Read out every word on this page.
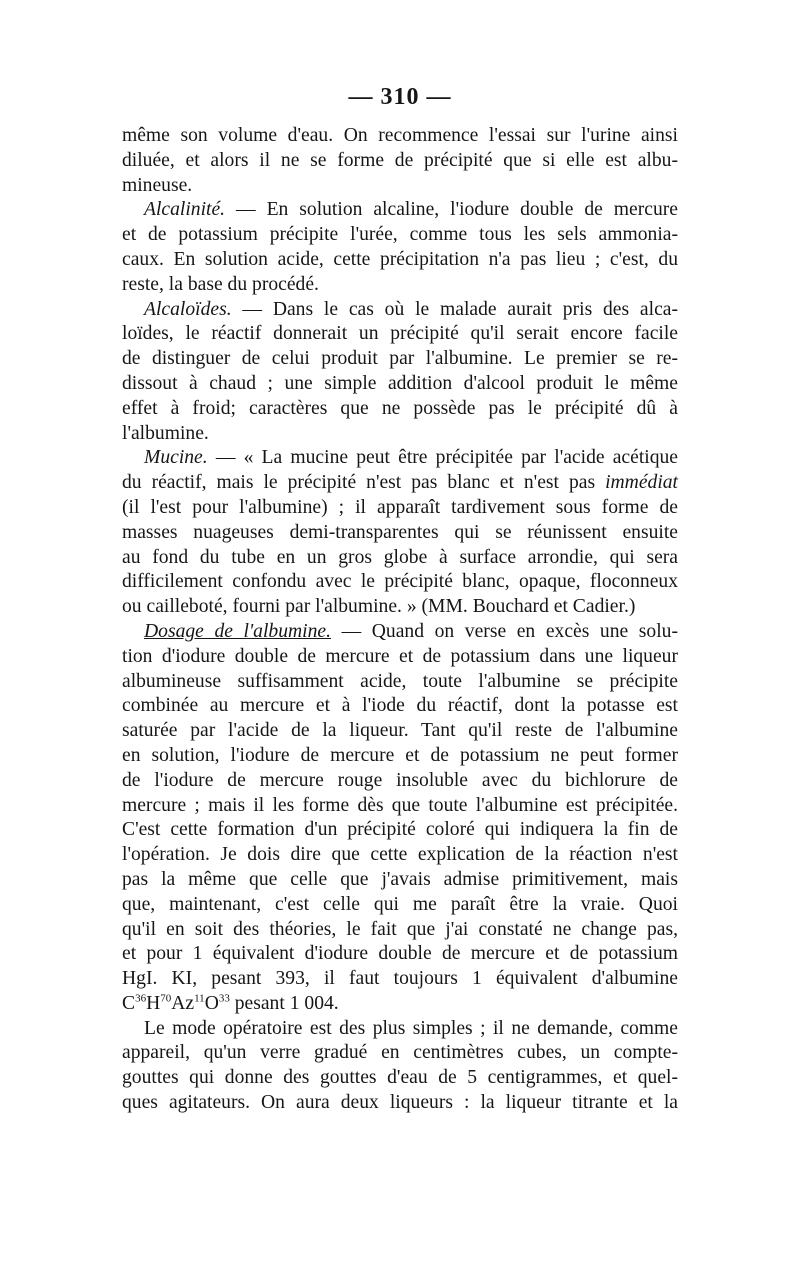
— 310 —
même son volume d'eau. On recommence l'essai sur l'urine ainsi
diluée, et alors il ne se forme de précipité que si elle est albu-
mineuse.
Alcalinité. — En solution alcaline, l'iodure double de mercure
et de potassium précipite l'urée, comme tous les sels ammonia-
caux. En solution acide, cette précipitation n'a pas lieu ; c'est, du
reste, la base du procédé.
Alcaloïdes. — Dans le cas où le malade aurait pris des alca-
loïdes, le réactif donnerait un précipité qu'il serait encore facile
de distinguer de celui produit par l'albumine. Le premier se re-
dissout à chaud ; une simple addition d'alcool produit le même
effet à froid; caractères que ne possède pas le précipité dû à
l'albumine.
Mucine. — « La mucine peut être précipitée par l'acide acétique
du réactif, mais le précipité n'est pas blanc et n'est pas immédiat
(il l'est pour l'albumine) ; il apparaît tardivement sous forme de
masses nuageuses demi-transparentes qui se réunissent ensuite
au fond du tube en un gros globe à surface arrondie, qui sera
difficilement confondu avec le précipité blanc, opaque, floconneux
ou cailleboté, fourni par l'albumine. » (MM. Bouchard et Cadier.)
Dosage de l'albumine. — Quand on verse en excès une solu-
tion d'iodure double de mercure et de potassium dans une liqueur
albumineuse suffisamment acide, toute l'albumine se précipite
combinée au mercure et à l'iode du réactif, dont la potasse est
saturée par l'acide de la liqueur. Tant qu'il reste de l'albumine
en solution, l'iodure de mercure et de potassium ne peut former
de l'iodure de mercure rouge insoluble avec du bichlorure de
mercure ; mais il les forme dès que toute l'albumine est précipitée.
C'est cette formation d'un précipité coloré qui indiquera la fin de
l'opération. Je dois dire que cette explication de la réaction n'est
pas la même que celle que j'avais admise primitivement, mais
que, maintenant, c'est celle qui me paraît être la vraie. Quoi
qu'il en soit des théories, le fait que j'ai constaté ne change pas,
et pour 1 équivalent d'iodure double de mercure et de potassium
HgI. KI, pesant 393, il faut toujours 1 équivalent d'albumine
$C^{36}H^{70}Az^{11}O^{33}$ pesant 1 004.
Le mode opératoire est des plus simples ; il ne demande, comme
appareil, qu'un verre gradué en centimètres cubes, un compte-
gouttes qui donne des gouttes d'eau de 5 centigrammes, et quel-
ques agitateurs. On aura deux liqueurs : la liqueur titrante et la
